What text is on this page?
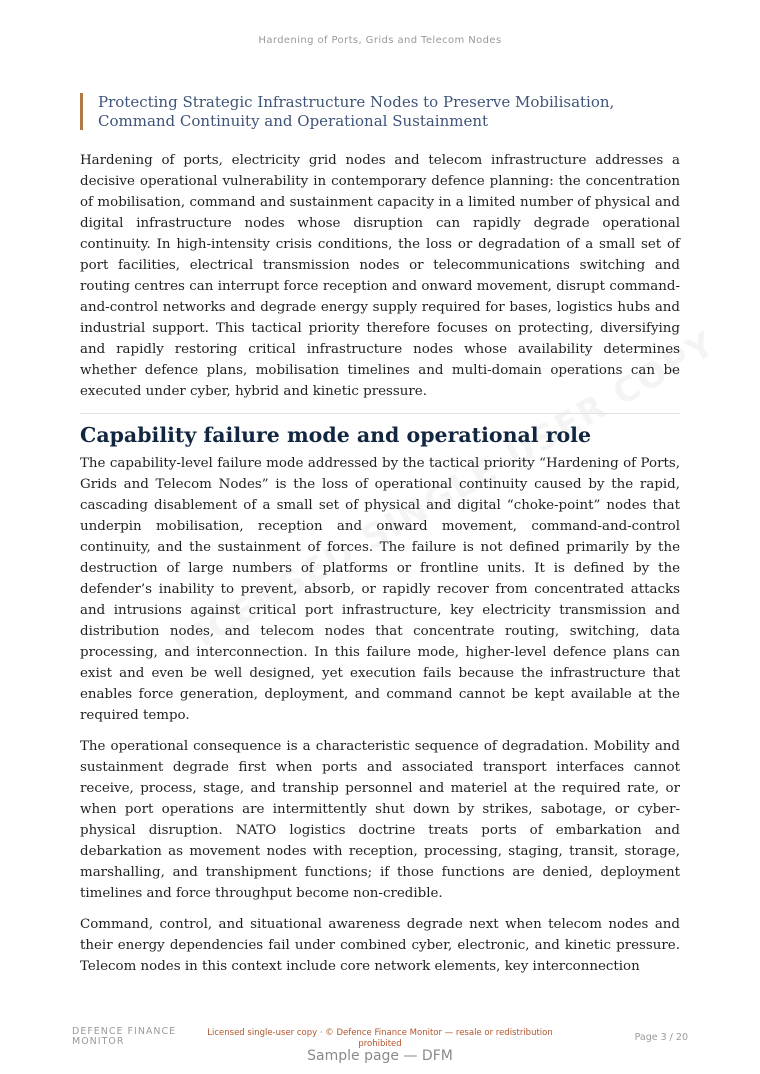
Hardening of Ports, Grids and Telecom Nodes
Protecting Strategic Infrastructure Nodes to Preserve Mobilisation, Command Continuity and Operational Sustainment

Hardening of ports, electricity grid nodes and telecom infrastructure addresses a decisive operational vulnerability in contemporary defence planning: the concentration of mobilisation, command and sustainment capacity in a limited number of physical and digital infrastructure nodes whose disruption can rapidly degrade operational continuity. In high-intensity crisis conditions, the loss or degradation of a small set of port facilities, electrical transmission nodes or telecommunications switching and routing centres can interrupt force reception and onward movement, disrupt command-and-control networks and degrade energy supply required for bases, logistics hubs and industrial support. This tactical priority therefore focuses on protecting, diversifying and rapidly restoring critical infrastructure nodes whose availability determines whether defence plans, mobilisation timelines and multi-domain operations can be executed under cyber, hybrid and kinetic pressure.

Capability failure mode and operational role

The capability-level failure mode addressed by the tactical priority “Hardening of Ports, Grids and Telecom Nodes” is the loss of operational continuity caused by the rapid, cascading disablement of a small set of physical and digital “choke-point” nodes that underpin mobilisation, reception and onward movement, command-and-control continuity, and the sustainment of forces. The failure is not defined primarily by the destruction of large numbers of platforms or frontline units. It is defined by the defender’s inability to prevent, absorb, or rapidly recover from concentrated attacks and intrusions against critical port infrastructure, key electricity transmission and distribution nodes, and telecom nodes that concentrate routing, switching, data processing, and interconnection. In this failure mode, higher-level defence plans can exist and even be well designed, yet execution fails because the infrastructure that enables force generation, deployment, and command cannot be kept available at the required tempo.

The operational consequence is a characteristic sequence of degradation. Mobility and sustainment degrade first when ports and associated transport interfaces cannot receive, process, stage, and tranship personnel and materiel at the required rate, or when port operations are intermittently shut down by strikes, sabotage, or cyber-physical disruption. NATO logistics doctrine treats ports of embarkation and debarkation as movement nodes with reception, processing, staging, transit, storage, marshalling, and transhipment functions; if those functions are denied, deployment timelines and force throughput become non-credible.

Command, control, and situational awareness degrade next when telecom nodes and their energy dependencies fail under combined cyber, electronic, and kinetic pressure. Telecom nodes in this context include core network elements, key interconnection

DEFENCE FINANCE MONITOR
Licensed single-user copy · © Defence Finance Monitor — resale or redistribution prohibited
Page 3 / 20
Sample page — DFM
